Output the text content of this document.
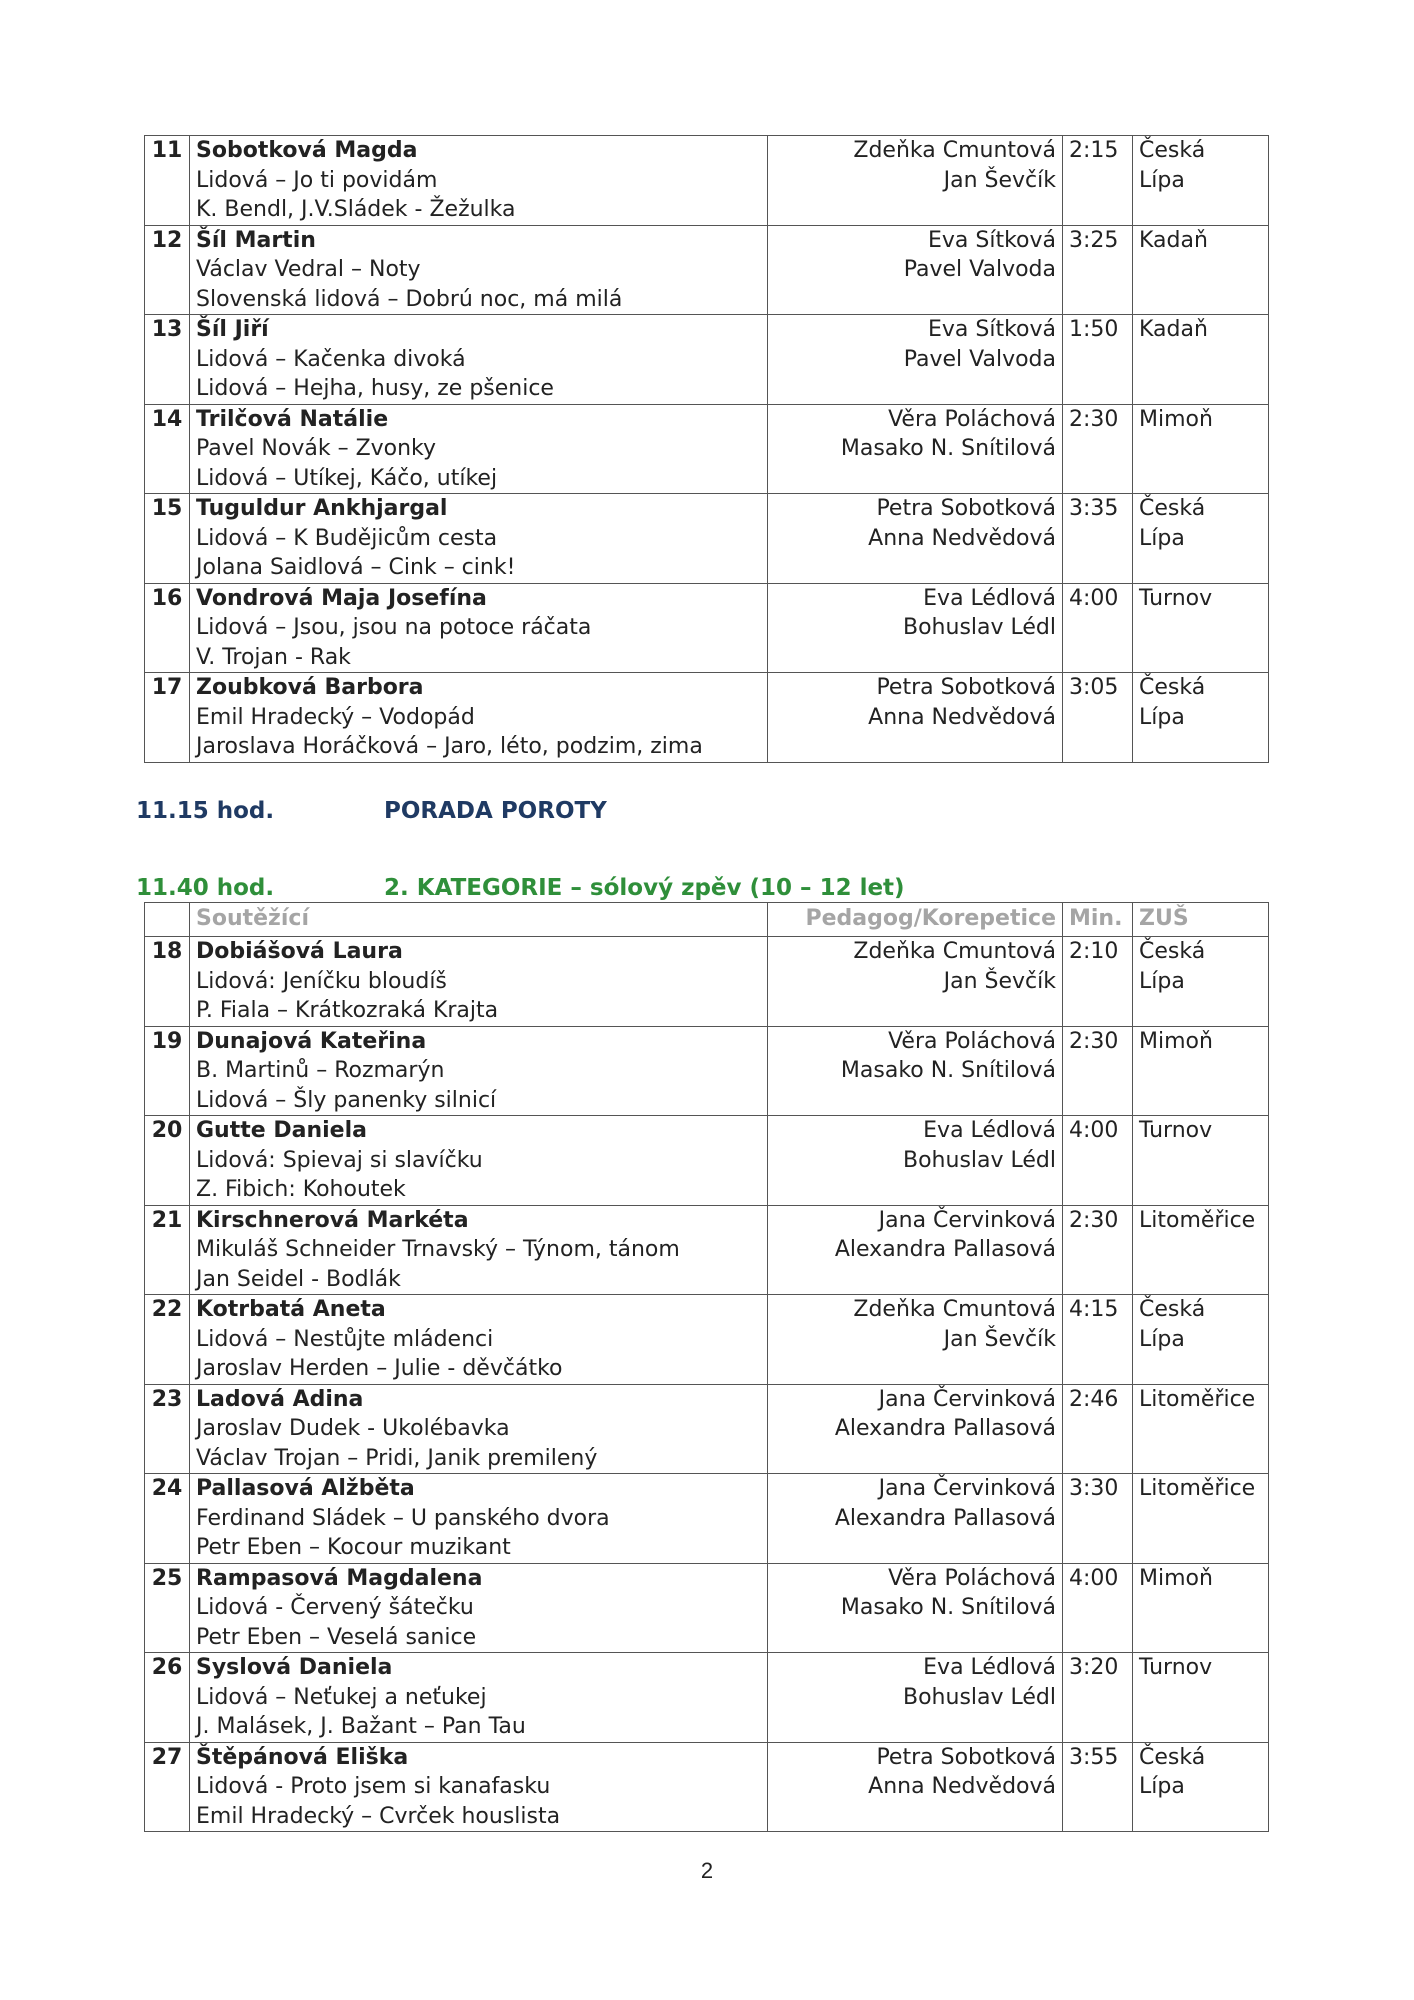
11	Sobotková Magda
Lidová – Jo ti povidám
K. Bendl, J.V.Sládek - Žežulka	Zdeňka Cmuntová
Jan Ševčík	2:15	Česká
Lípa

12	Šíl Martin
Václav Vedral – Noty
Slovenská lidová – Dobrú noc, má milá	Eva Sítková
Pavel Valvoda	3:25	Kadaň

13	Šíl Jiří
Lidová – Kačenka divoká
Lidová – Hejha, husy, ze pšenice	Eva Sítková
Pavel Valvoda	1:50	Kadaň

14	Trilčová Natálie
Pavel Novák – Zvonky
Lidová – Utíkej, Káčo, utíkej	Věra Poláchová
Masako N. Snítilová	2:30	Mimoň

15	Tuguldur Ankhjargal
Lidová – K Budějicům cesta
Jolana Saidlová – Cink – cink!	Petra Sobotková
Anna Nedvědová	3:35	Česká
Lípa

16	Vondrová Maja Josefína
Lidová – Jsou, jsou na potoce ráčata
V. Trojan - Rak	Eva Lédlová
Bohuslav Lédl	4:00	Turnov

17	Zoubková Barbora
Emil Hradecký – Vodopád
Jaroslava Horáčková – Jaro, léto, podzim, zima	Petra Sobotková
Anna Nedvědová	3:05	Česká
Lípa
11.15 hod.	PORADA POROTY
11.40 hod.	2. KATEGORIE – sólový zpěv (10 – 12 let)
	Soutěžící	Pedagog/Korepetice	Min.	ZUŠ
18	Dobiášová Laura
Lidová: Jeníčku bloudíš
P. Fiala – Krátkozraká Krajta	Zdeňka Cmuntová
Jan Ševčík	2:10	Česká
Lípa

19	Dunajová Kateřina
B. Martinů – Rozmarýn
Lidová – Šly panenky silnicí	Věra Poláchová
Masako N. Snítilová	2:30	Mimoň

20	Gutte Daniela
Lidová: Spievaj si slavíčku
Z. Fibich: Kohoutek	Eva Lédlová
Bohuslav Lédl	4:00	Turnov

21	Kirschnerová Markéta
Mikuláš Schneider Trnavský – Týnom, tánom
Jan Seidel - Bodlák	Jana Červinková
Alexandra Pallasová	2:30	Litoměřice

22	Kotrbatá Aneta
Lidová – Nestůjte mládenci
Jaroslav Herden – Julie - děvčátko	Zdeňka Cmuntová
Jan Ševčík	4:15	Česká
Lípa

23	Ladová Adina
Jaroslav Dudek - Ukolébavka
Václav Trojan – Pridi, Janik premilený	Jana Červinková
Alexandra Pallasová	2:46	Litoměřice

24	Pallasová Alžběta
Ferdinand Sládek – U panského dvora
Petr Eben – Kocour muzikant	Jana Červinková
Alexandra Pallasová	3:30	Litoměřice

25	Rampasová Magdalena
Lidová - Červený šátečku
Petr Eben – Veselá sanice	Věra Poláchová
Masako N. Snítilová	4:00	Mimoň

26	Syslová Daniela
Lidová – Neťukej a neťukej
J. Malásek, J. Bažant – Pan Tau	Eva Lédlová
Bohuslav Lédl	3:20	Turnov

27	Štěpánová Eliška
Lidová - Proto jsem si kanafasku
Emil Hradecký – Cvrček houslista	Petra Sobotková
Anna Nedvědová	3:55	Česká
Lípa
2
